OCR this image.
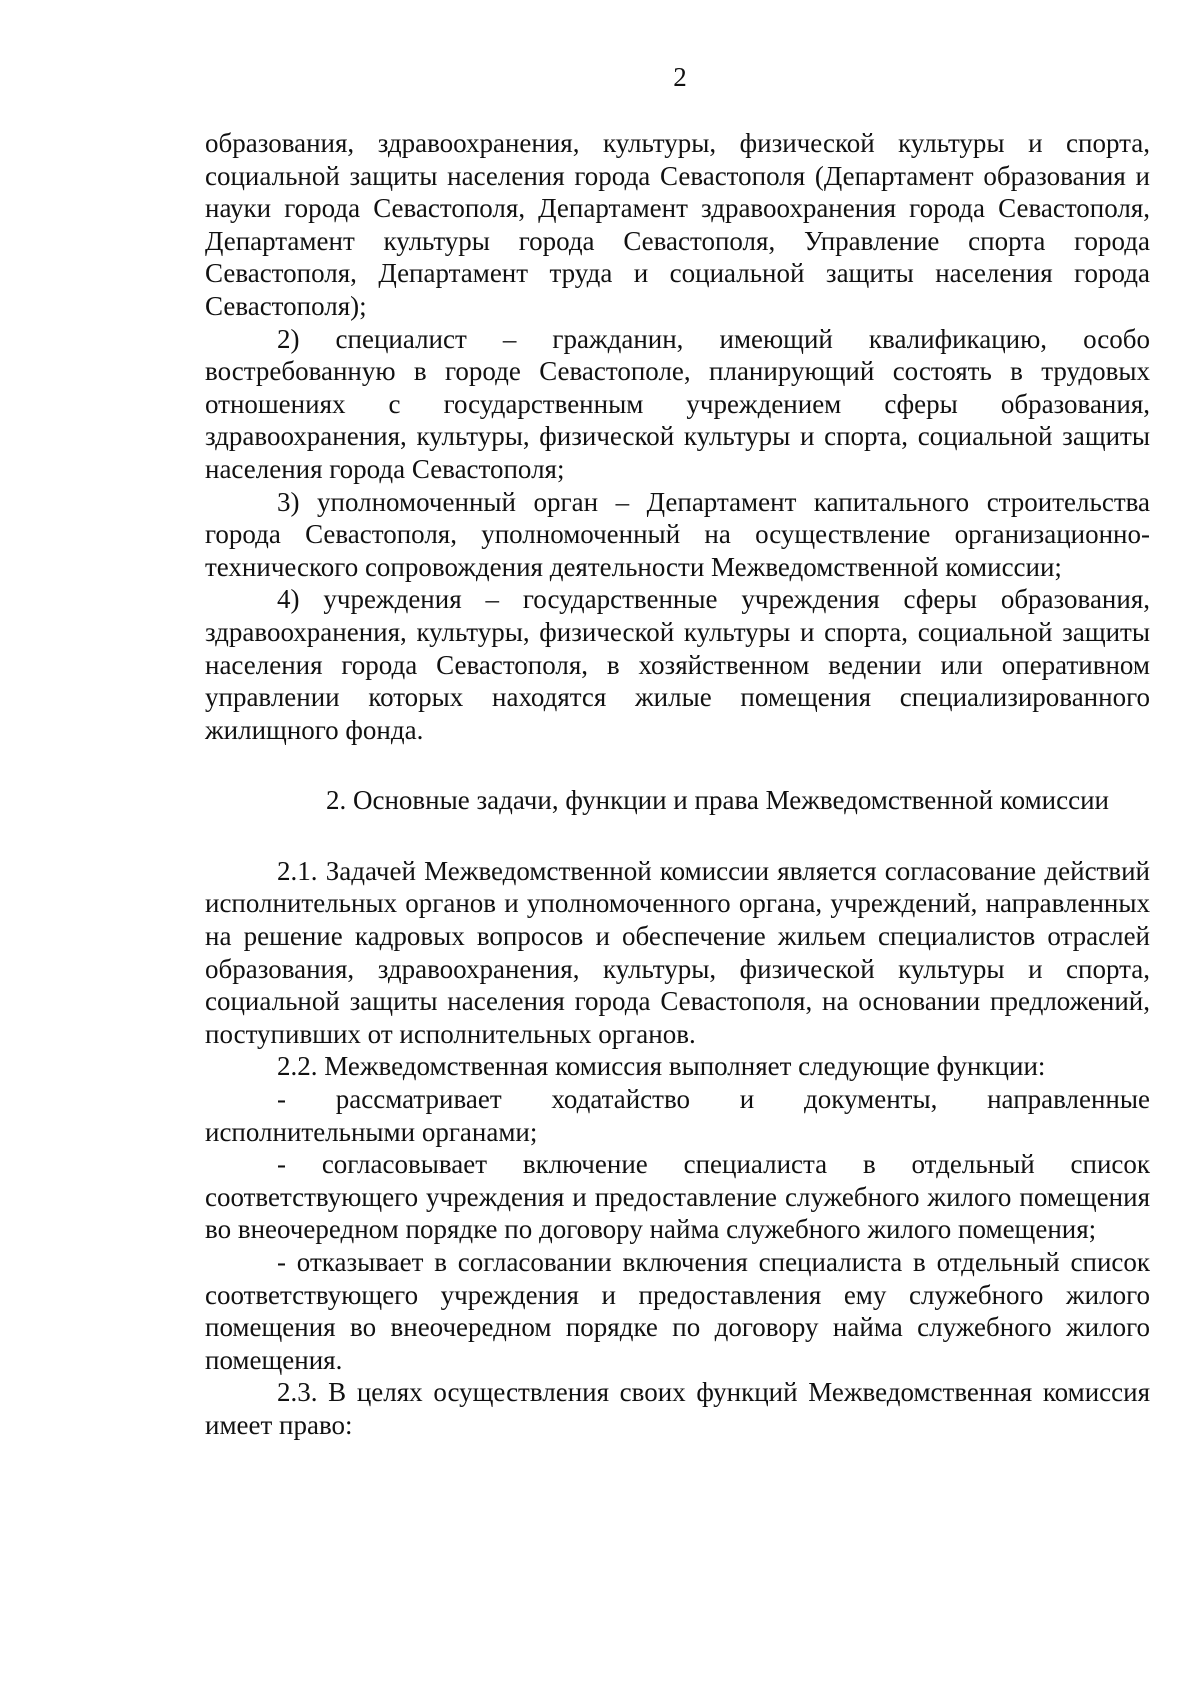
2

образования, здравоохранения, культуры, физической культуры и спорта, социальной защиты населения города Севастополя (Департамент образования и науки города Севастополя, Департамент здравоохранения города Севастополя, Департамент культуры города Севастополя, Управление спорта города Севастополя, Департамент труда и социальной защиты населения города Севастополя);

2) специалист – гражданин, имеющий квалификацию, особо востребованную в городе Севастополе, планирующий состоять в трудовых отношениях с государственным учреждением сферы образования, здравоохранения, культуры, физической культуры и спорта, социальной защиты населения города Севастополя;

3) уполномоченный орган – Департамент капитального строительства города Севастополя, уполномоченный на осуществление организационно-технического сопровождения деятельности Межведомственной комиссии;

4) учреждения – государственные учреждения сферы образования, здравоохранения, культуры, физической культуры и спорта, социальной защиты населения города Севастополя, в хозяйственном ведении или оперативном управлении которых находятся жилые помещения специализированного жилищного фонда.

2. Основные задачи, функции и права Межведомственной комиссии

2.1. Задачей Межведомственной комиссии является согласование действий исполнительных органов и уполномоченного органа, учреждений, направленных на решение кадровых вопросов и обеспечение жильем специалистов отраслей образования, здравоохранения, культуры, физической культуры и спорта, социальной защиты населения города Севастополя, на основании предложений, поступивших от исполнительных органов.

2.2. Межведомственная комиссия выполняет следующие функции:

- рассматривает ходатайство и документы, направленные исполнительными органами;

- согласовывает включение специалиста в отдельный список соответствующего учреждения и предоставление служебного жилого помещения во внеочередном порядке по договору найма служебного жилого помещения;

- отказывает в согласовании включения специалиста в отдельный список соответствующего учреждения и предоставления ему служебного жилого помещения во внеочередном порядке по договору найма служебного жилого помещения.

2.3. В целях осуществления своих функций Межведомственная комиссия имеет право:
